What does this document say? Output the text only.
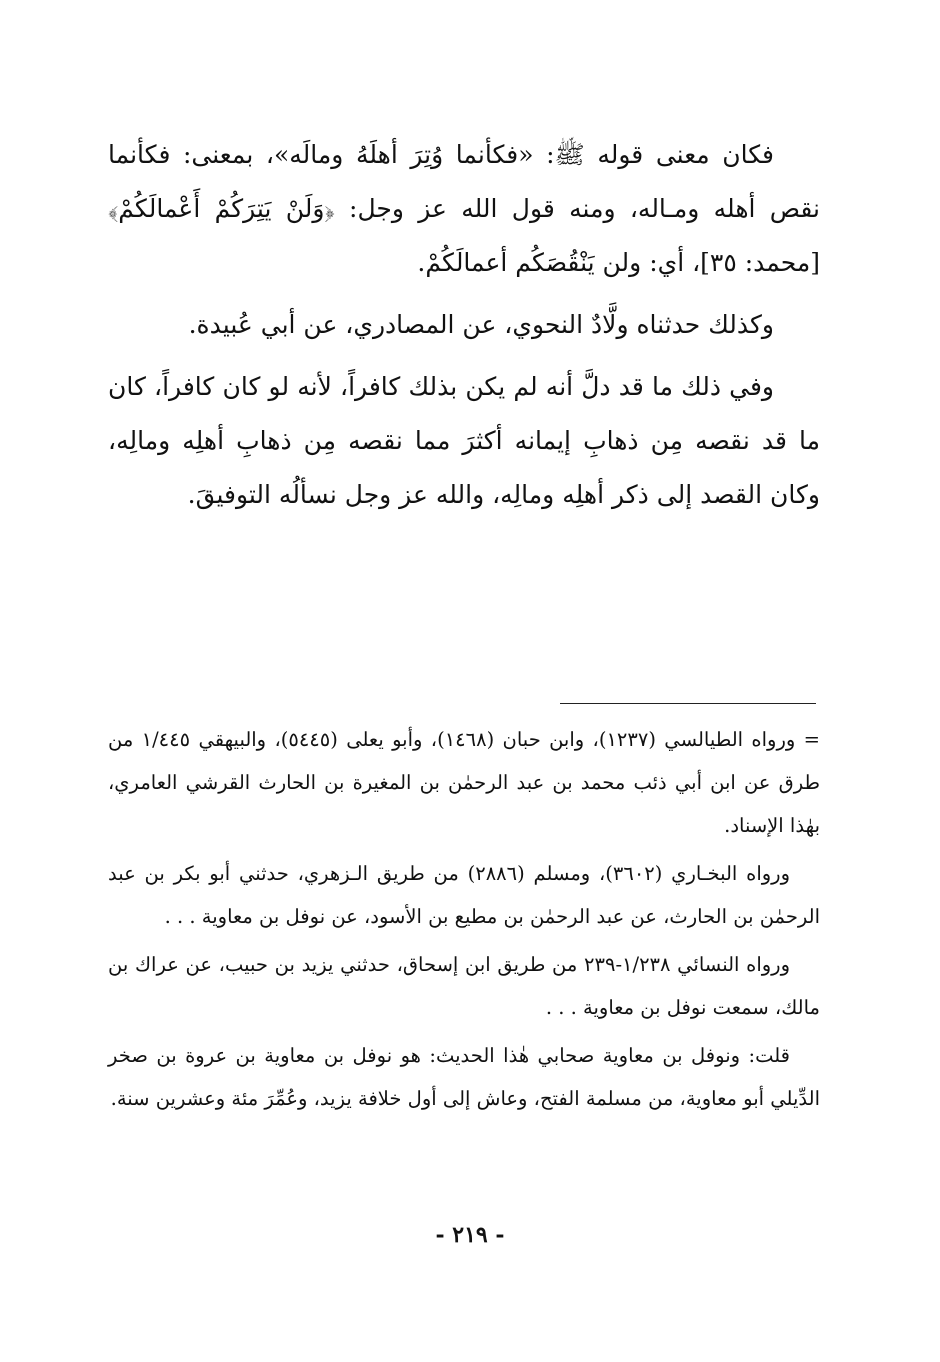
فكان معنى قوله ﷺ: «فكأنما وُتِرَ أهلَهُ ومالَه»، بمعنى: فكأنما نقص أهله ومـاله، ومنه قول الله عز وجل: ﴿وَلَنْ يَتِرَكُمْ أَعْمالَكُمْ﴾ [محمد: ٣٥]، أي: ولن يَنْقُصَكُم أعمالَكُمْ.

وكذلك حدثناه ولَّادٌ النحوي، عن المصادري، عن أبي عُبيدة.

وفي ذلك ما قد دلَّ أنه لم يكن بذلك كافراً، لأنه لو كان كافراً، كان ما قد نقصه مِن ذهابِ إيمانه أكثرَ مما نقصه مِن ذهابِ أهلِه ومالِه، وكان القصد إلى ذكر أهلِه ومالِه، والله عز وجل نسألُه التوفيقَ.

= ورواه الطيالسي (١٢٣٧)، وابن حبان (١٤٦٨)، وأبو يعلى (٥٤٤٥)، والبيهقي ١/٤٤٥ من طرق عن ابن أبي ذئب محمد بن عبد الرحمٰن بن المغيرة بن الحارث القرشي العامري، بهٰذا الإسناد.

ورواه البخـاري (٣٦٠٢)، ومسلم (٢٨٨٦) من طريق الـزهري، حدثني أبو بكر بن عبد الرحمٰن بن الحارث، عن عبد الرحمٰن بن مطيع بن الأسود، عن نوفل بن معاوية . . .

ورواه النسائي ١/٢٣٨-٢٣٩ من طريق ابن إسحاق، حدثني يزيد بن حبيب، عن عراك بن مالك، سمعت نوفل بن معاوية . . .

قلت: ونوفل بن معاوية صحابي هٰذا الحديث: هو نوفل بن معاوية بن عروة بن صخر الدِّيلي أبو معاوية، من مسلمة الفتح، وعاش إلى أول خلافة يزيد، وعُمِّرَ مئة وعشرين سنة.

- ٢١٩ -
